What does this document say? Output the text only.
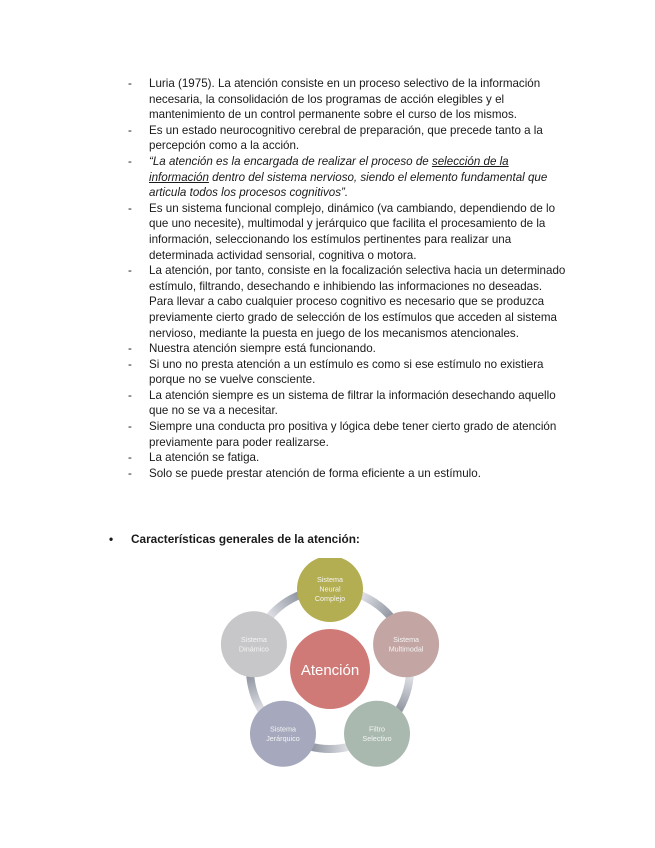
- Luria (1975). La atención consiste en un proceso selectivo de la información necesaria, la consolidación de los programas de acción elegibles y el mantenimiento de un control permanente sobre el curso de los mismos.
- Es un estado neurocognitivo cerebral de preparación, que precede tanto a la percepción como a la acción.
- “La atención es la encargada de realizar el proceso de selección de la información dentro del sistema nervioso, siendo el elemento fundamental que articula todos los procesos cognitivos”.
- Es un sistema funcional complejo, dinámico (va cambiando, dependiendo de lo que uno necesite), multimodal y jerárquico que facilita el procesamiento de la información, seleccionando los estímulos pertinentes para realizar una determinada actividad sensorial, cognitiva o motora.
- La atención, por tanto, consiste en la focalización selectiva hacia un determinado estímulo, filtrando, desechando e inhibiendo las informaciones no deseadas. Para llevar a cabo cualquier proceso cognitivo es necesario que se produzca previamente cierto grado de selección de los estímulos que acceden al sistema nervioso, mediante la puesta en juego de los mecanismos atencionales.
- Nuestra atención siempre está funcionando.
- Si uno no presta atención a un estímulo es como si ese estímulo no existiera porque no se vuelve consciente.
- La atención siempre es un sistema de filtrar la información desechando aquello que no se va a necesitar.
- Siempre una conducta pro positiva y lógica debe tener cierto grado de atención previamente para poder realizarse.
- La atención se fatiga.
- Solo se puede prestar atención de forma eficiente a un estímulo.
• Características generales de la atención:
Atención
Sistema
Neural
Complejo
Sistema
Multimodal
Filtro
Selectivo
Sistema
Jerárquico
Sistema
Dinámico
